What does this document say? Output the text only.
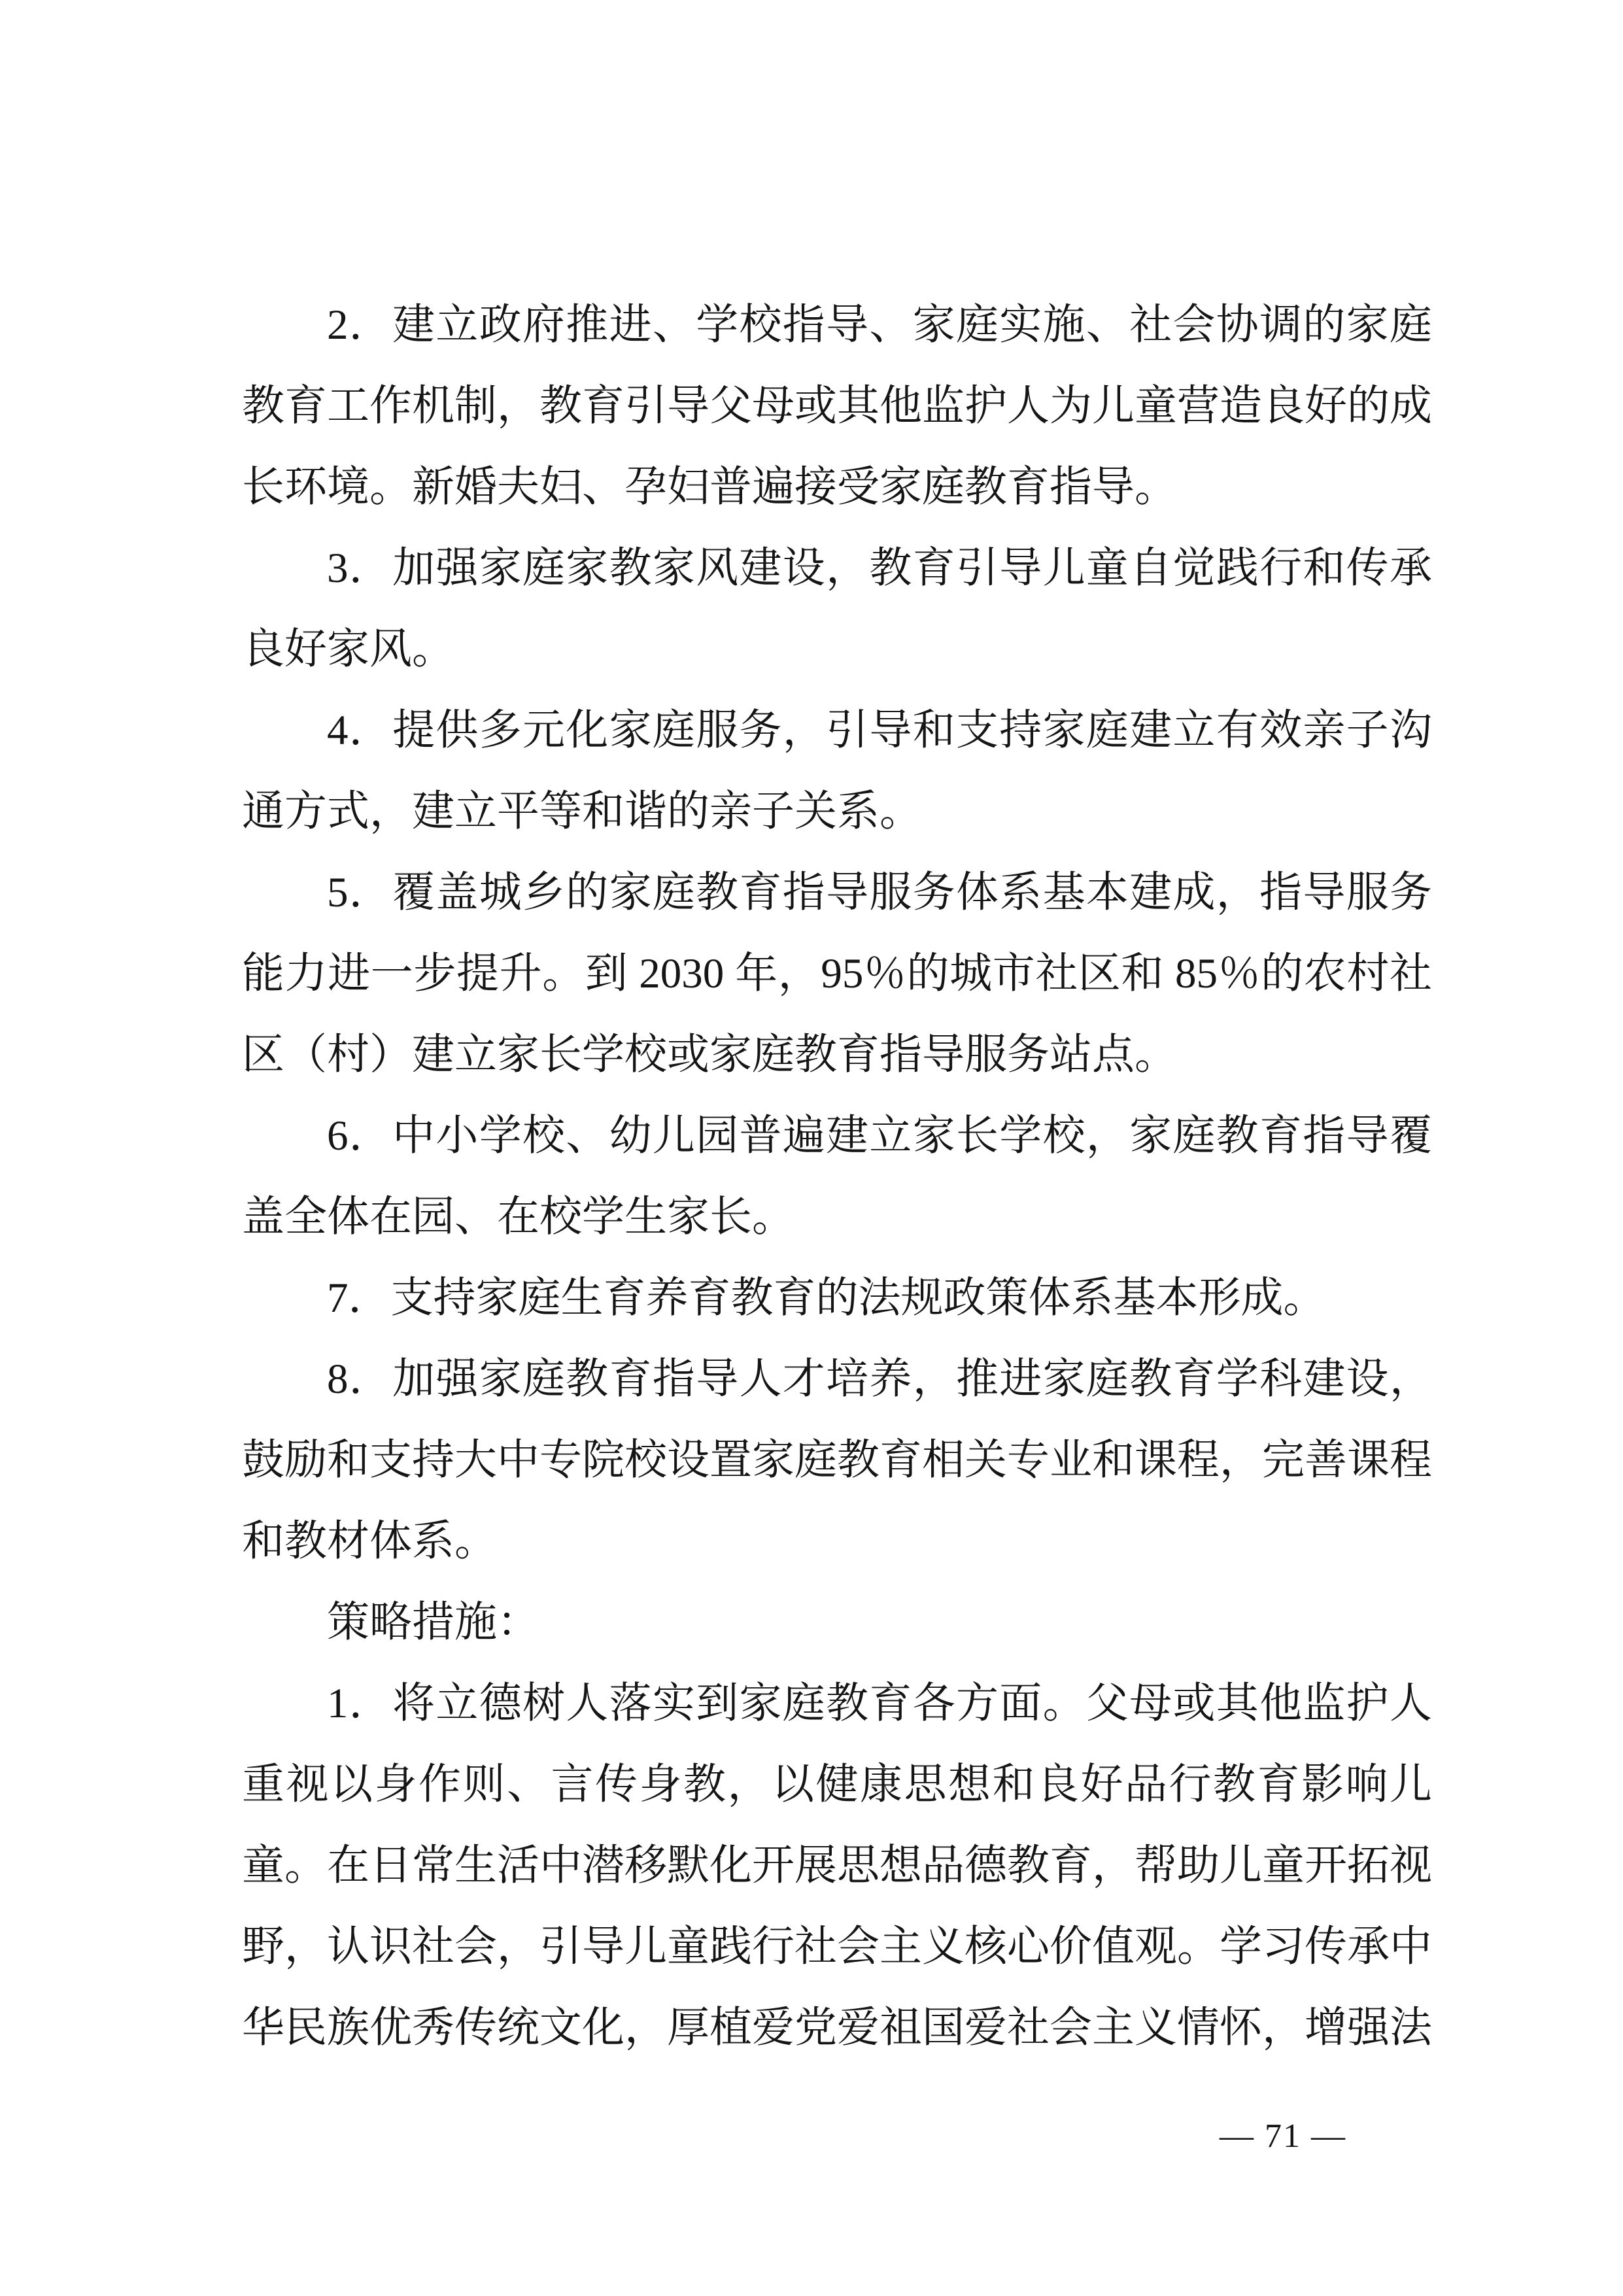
2．建立政府推进、学校指导、家庭实施、社会协调的家庭教育工作机制，教育引导父母或其他监护人为儿童营造良好的成长环境。新婚夫妇、孕妇普遍接受家庭教育指导。

3．加强家庭家教家风建设，教育引导儿童自觉践行和传承良好家风。

4．提供多元化家庭服务，引导和支持家庭建立有效亲子沟通方式，建立平等和谐的亲子关系。

5．覆盖城乡的家庭教育指导服务体系基本建成，指导服务能力进一步提升。到 2030 年，95％的城市社区和 85％的农村社区（村）建立家长学校或家庭教育指导服务站点。

6．中小学校、幼儿园普遍建立家长学校，家庭教育指导覆盖全体在园、在校学生家长。

7．支持家庭生育养育教育的法规政策体系基本形成。

8．加强家庭教育指导人才培养，推进家庭教育学科建设，鼓励和支持大中专院校设置家庭教育相关专业和课程，完善课程和教材体系。

策略措施：

1．将立德树人落实到家庭教育各方面。父母或其他监护人重视以身作则、言传身教，以健康思想和良好品行教育影响儿童。在日常生活中潜移默化开展思想品德教育，帮助儿童开拓视野，认识社会，引导儿童践行社会主义核心价值观。学习传承中华民族优秀传统文化，厚植爱党爱祖国爱社会主义情怀，增强法

— 71 —
